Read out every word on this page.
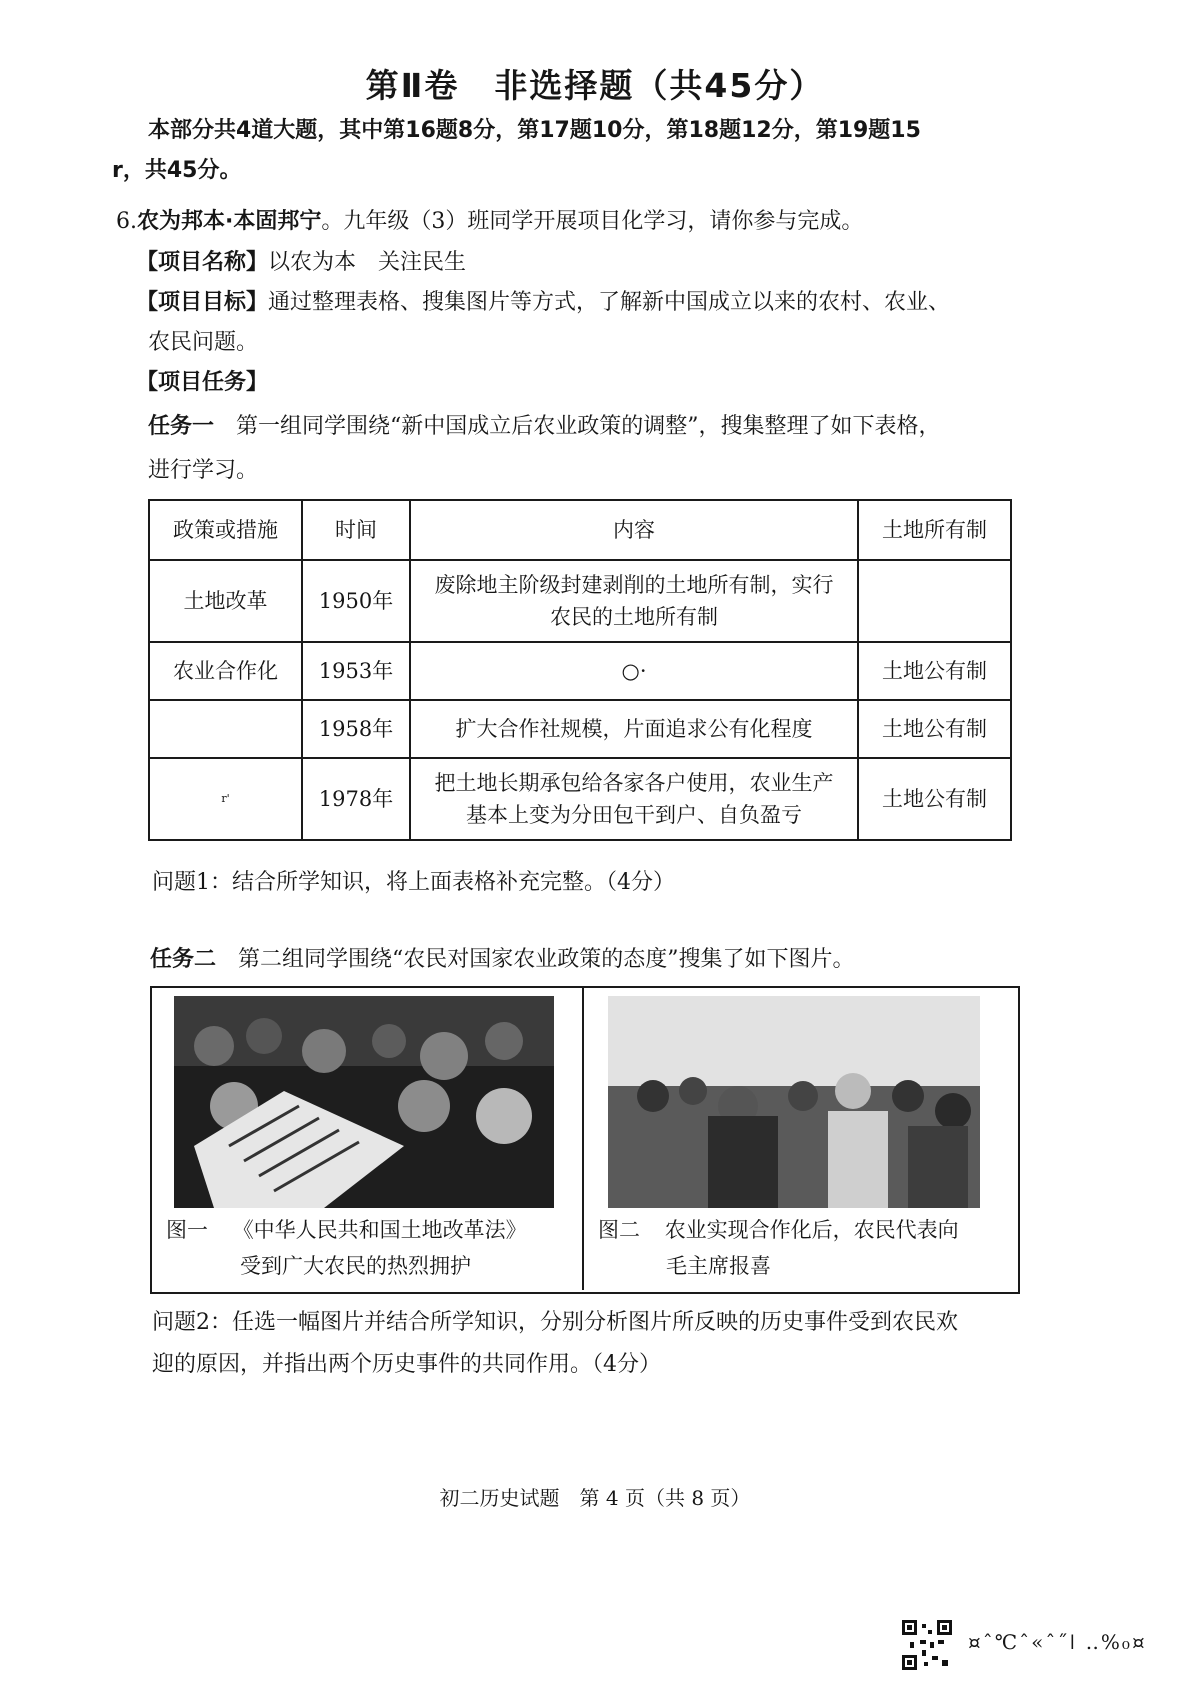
第Ⅱ卷　非选择题（共45分）
本部分共4道大题，其中第16题8分，第17题10分，第18题12分，第19题15
r，共45分。
6.农为邦本·本固邦宁。九年级（3）班同学开展项目化学习，请你参与完成。
【项目名称】以农为本　关注民生
【项目目标】通过整理表格、搜集图片等方式，了解新中国成立以来的农村、农业、
农民问题。
【项目任务】
任务一 第一组同学围绕“新中国成立后农业政策的调整”，搜集整理了如下表格，
进行学习。
政策或措施	时间	内容	土地所有制
土地改革	1950年	废除地主阶级封建剥削的土地所有制，实行农民的土地所有制	
农业合作化	1953年	○·	土地公有制
	1958年	扩大合作社规模，片面追求公有化程度	土地公有制
r'	1978年	把土地长期承包给各家各户使用，农业生产基本上变为分田包干到户、自负盈亏	土地公有制
问题1：结合所学知识，将上面表格补充完整。（4分）
任务二 第二组同学围绕“农民对国家农业政策的态度”搜集了如下图片。
图一 《中华人民共和国土地改革法》
受到广大农民的热烈拥护
图二 农业实现合作化后，农民代表向
毛主席报喜
问题2：任选一幅图片并结合所学知识，分别分析图片所反映的历史事件受到农民欢
迎的原因，并指出两个历史事件的共同作用。（4分）
初二历史试题　第 4 页（共 8 页）
¤ˆ℃ˆ«ˆ˝ǀ ‥%₀¤
